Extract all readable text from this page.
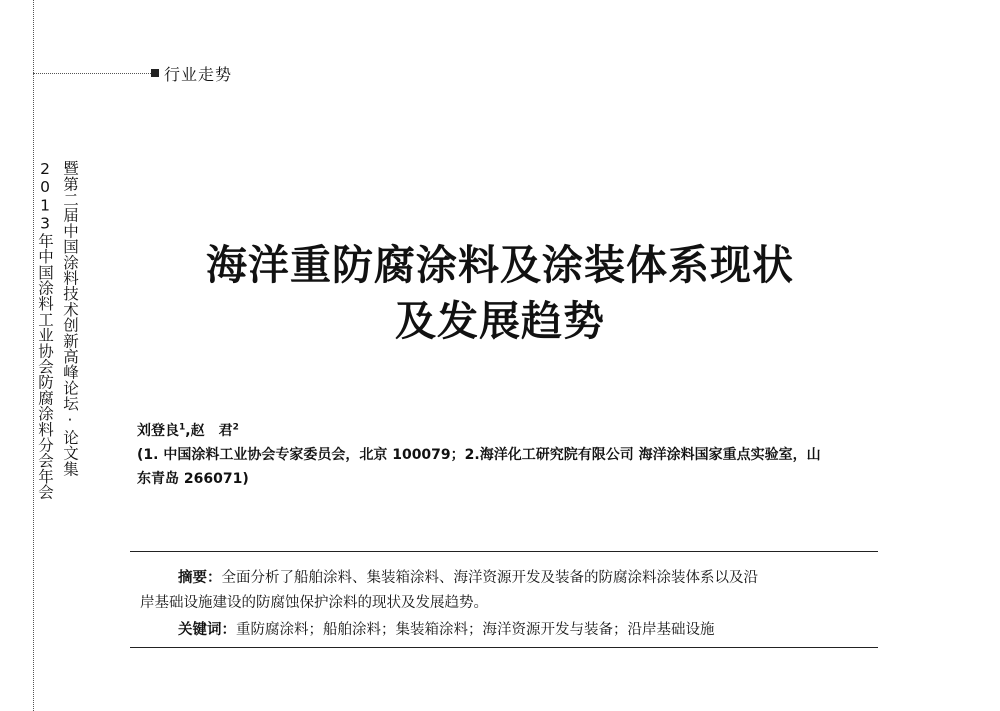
行业走势
暨第二届中国涂料技术创新高峰论坛·论文集
2013年中国涂料工业协会防腐涂料分会年会	海洋重防腐涂料及涂装体系现状
及发展趋势
刘登良$^1$,赵　君$^2$
(1. 中国涂料工业协会专家委员会，北京 100079；2.海洋化工研究院有限公司 海洋涂料国家重点实验室，山
东青岛 266071)
摘要：全面分析了船舶涂料、集装箱涂料、海洋资源开发及装备的防腐涂料涂装体系以及沿
岸基础设施建设的防腐蚀保护涂料的现状及发展趋势。
关键词：重防腐涂料；船舶涂料；集装箱涂料；海洋资源开发与装备；沿岸基础设施
